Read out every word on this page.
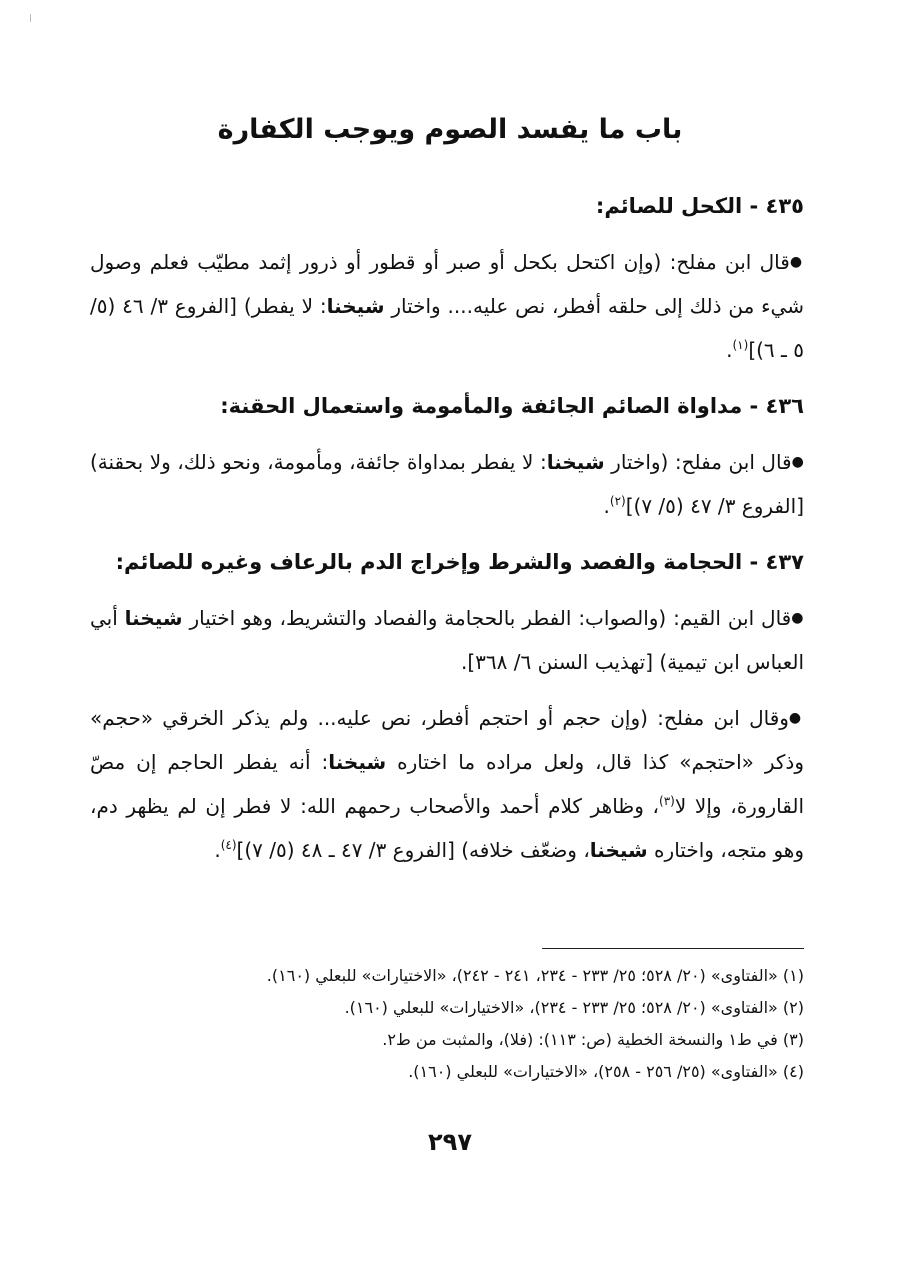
باب ما يفسد الصوم ويوجب الكفارة
٤٣٥ - الكحل للصائم:

●قال ابن مفلح: (وإن اكتحل بكحل أو صبر أو قطور أو ذرور إثمد مطيّب فعلم وصول شيء من ذلك إلى حلقه أفطر، نص عليه.... واختار شيخنا: لا يفطر) [الفروع ٣/ ٤٦ (٥/ ٥ ـ ٦)]$^{(١)}$.

٤٣٦ - مداواة الصائم الجائفة والمأمومة واستعمال الحقنة:

●قال ابن مفلح: (واختار شيخنا: لا يفطر بمداواة جائفة، ومأمومة، ونحو ذلك، ولا بحقنة) [الفروع ٣/ ٤٧ (٥/ ٧)]$^{(٢)}$.

٤٣٧ - الحجامة والفصد والشرط وإخراج الدم بالرعاف وغيره للصائم:

●قال ابن القيم: (والصواب: الفطر بالحجامة والفصاد والتشريط، وهو اختيار شيخنا أبي العباس ابن تيمية) [تهذيب السنن ٦/ ٣٦٨].

●وقال ابن مفلح: (وإن حجم أو احتجم أفطر، نص عليه... ولم يذكر الخرقي «حجم» وذكر «احتجم» كذا قال، ولعل مراده ما اختاره شيخنا: أنه يفطر الحاجم إن مصّ القارورة، وإلا لا$^{(٣)}$، وظاهر كلام أحمد والأصحاب رحمهم الله: لا فطر إن لم يظهر دم، وهو متجه، واختاره شيخنا، وضعّف خلافه) [الفروع ٣/ ٤٧ ـ ٤٨ (٥/ ٧)]$^{(٤)}$.

(١) «الفتاوى» (٢٠/ ٥٢٨؛ ٢٥/ ٢٣٣ - ٢٣٤، ٢٤١ - ٢٤٢)، «الاختيارات» للبعلي (١٦٠).
(٢) «الفتاوى» (٢٠/ ٥٢٨؛ ٢٥/ ٢٣٣ - ٢٣٤)، «الاختيارات» للبعلي (١٦٠).
(٣) في ط١ والنسخة الخطية (ص: ١١٣): (فلا)، والمثبت من ط٢.
(٤) «الفتاوى» (٢٥/ ٢٥٦ - ٢٥٨)، «الاختيارات» للبعلي (١٦٠).
٢٩٧
